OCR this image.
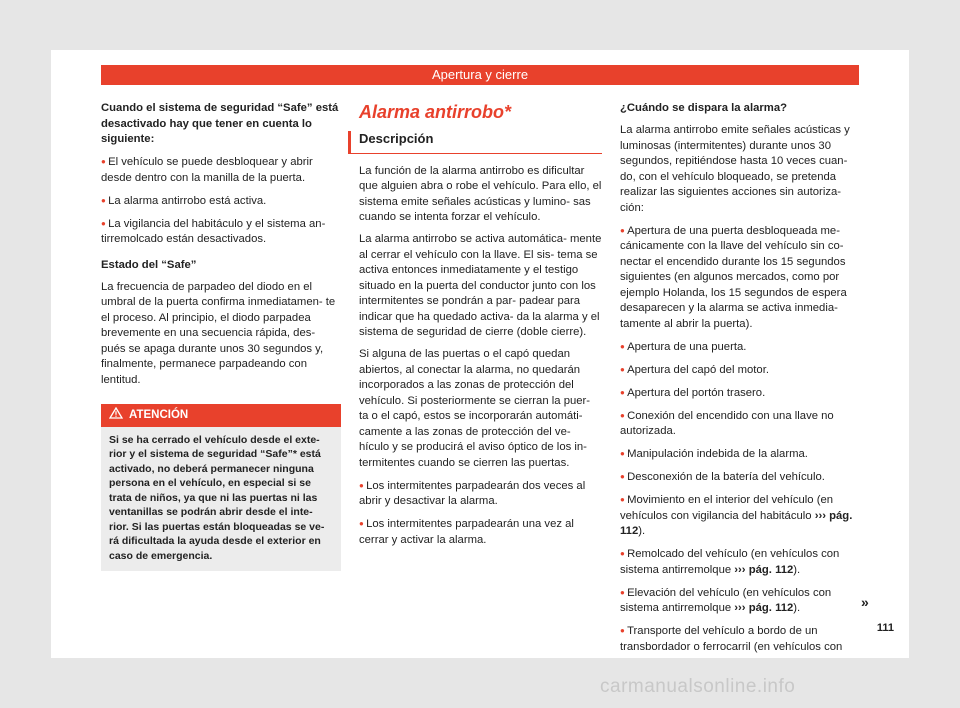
Apertura y cierre

Cuando el sistema de seguridad “Safe” está desactivado hay que tener en cuenta lo siguiente:

● El vehículo se puede desbloquear y abrir desde dentro con la manilla de la puerta.

● La alarma antirrobo está activa.

● La vigilancia del habitáculo y el sistema an- tirremolcado están desactivados.

Estado del “Safe”

La frecuencia de parpadeo del diodo en el umbral de la puerta confirma inmediatamen- te el proceso. Al principio, el diodo parpadea brevemente en una secuencia rápida, des- pués se apaga durante unos 30 segundos y, finalmente, permanece parpadeando con lentitud.

ATENCIÓN
Si se ha cerrado el vehículo desde el exte- rior y el sistema de seguridad “Safe”* está activado, no deberá permanecer ninguna persona en el vehículo, en especial si se trata de niños, ya que ni las puertas ni las ventanillas se podrán abrir desde el inte- rior. Si las puertas están bloqueadas se ve- rá dificultada la ayuda desde el exterior en caso de emergencia.
Alarma antirrobo*
Descripción

La función de la alarma antirrobo es dificultar que alguien abra o robe el vehículo. Para ello, el sistema emite señales acústicas y lumino- sas cuando se intenta forzar el vehículo.

La alarma antirrobo se activa automática- mente al cerrar el vehículo con la llave. El sis- tema se activa entonces inmediatamente y el testigo situado en la puerta del conductor junto con los intermitentes se pondrán a par- padear para indicar que ha quedado activa- da la alarma y el sistema de seguridad de cierre (doble cierre).

Si alguna de las puertas o el capó quedan abiertos, al conectar la alarma, no quedarán incorporados a las zonas de protección del vehículo. Si posteriormente se cierran la puer- ta o el capó, estos se incorporarán automáti- camente a las zonas de protección del ve- hículo y se producirá el aviso óptico de los in- termitentes cuando se cierren las puertas.

● Los intermitentes parpadearán dos veces al abrir y desactivar la alarma.

● Los intermitentes parpadearán una vez al cerrar y activar la alarma.

¿Cuándo se dispara la alarma?

La alarma antirrobo emite señales acústicas y luminosas (intermitentes) durante unos 30 segundos, repitiéndose hasta 10 veces cuan- do, con el vehículo bloqueado, se pretenda realizar las siguientes acciones sin autoriza- ción:

● Apertura de una puerta desbloqueada me- cánicamente con la llave del vehículo sin co- nectar el encendido durante los 15 segundos siguientes (en algunos mercados, como por ejemplo Holanda, los 15 segundos de espera desaparecen y la alarma se activa inmedia- tamente al abrir la puerta).

● Apertura de una puerta.

● Apertura del capó del motor.

● Apertura del portón trasero.

● Conexión del encendido con una llave no autorizada.

● Manipulación indebida de la alarma.

● Desconexión de la batería del vehículo.

● Movimiento en el interior del vehículo (en vehículos con vigilancia del habitáculo ››› pág. 112).

● Remolcado del vehículo (en vehículos con sistema antirremolque ››› pág. 112).

● Elevación del vehículo (en vehículos con sistema antirremolque ››› pág. 112).

● Transporte del vehículo a bordo de un transbordador o ferrocarril (en vehículos con

»
111
carmanualsonline.info
